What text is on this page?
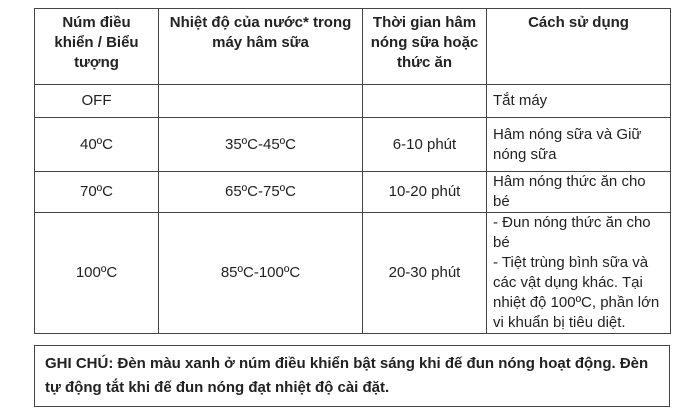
Núm điều khiển / Biểu tượng	Nhiệt độ của nước* trong máy hâm sữa	Thời gian hâm nóng sữa hoặc thức ăn	Cách sử dụng
OFF			Tắt máy

40ºC	35ºC-45ºC	6-10 phút	Hâm nóng sữa và Giữ nóng sữa

70ºC	65ºC-75ºC	10-20 phút	Hâm nóng thức ăn cho bé

100ºC	85ºC-100ºC	20-30 phút	- Đun nóng thức ăn cho bé
- Tiệt trùng bình sữa và các vật dụng khác. Tại nhiệt độ 100ºC, phần lớn vi khuẩn bị tiêu diệt.
GHI CHÚ: Đèn màu xanh ở núm điều khiển bật sáng khi đế đun nóng hoạt động. Đèn tự động tắt khi đế đun nóng đạt nhiệt độ cài đặt.
